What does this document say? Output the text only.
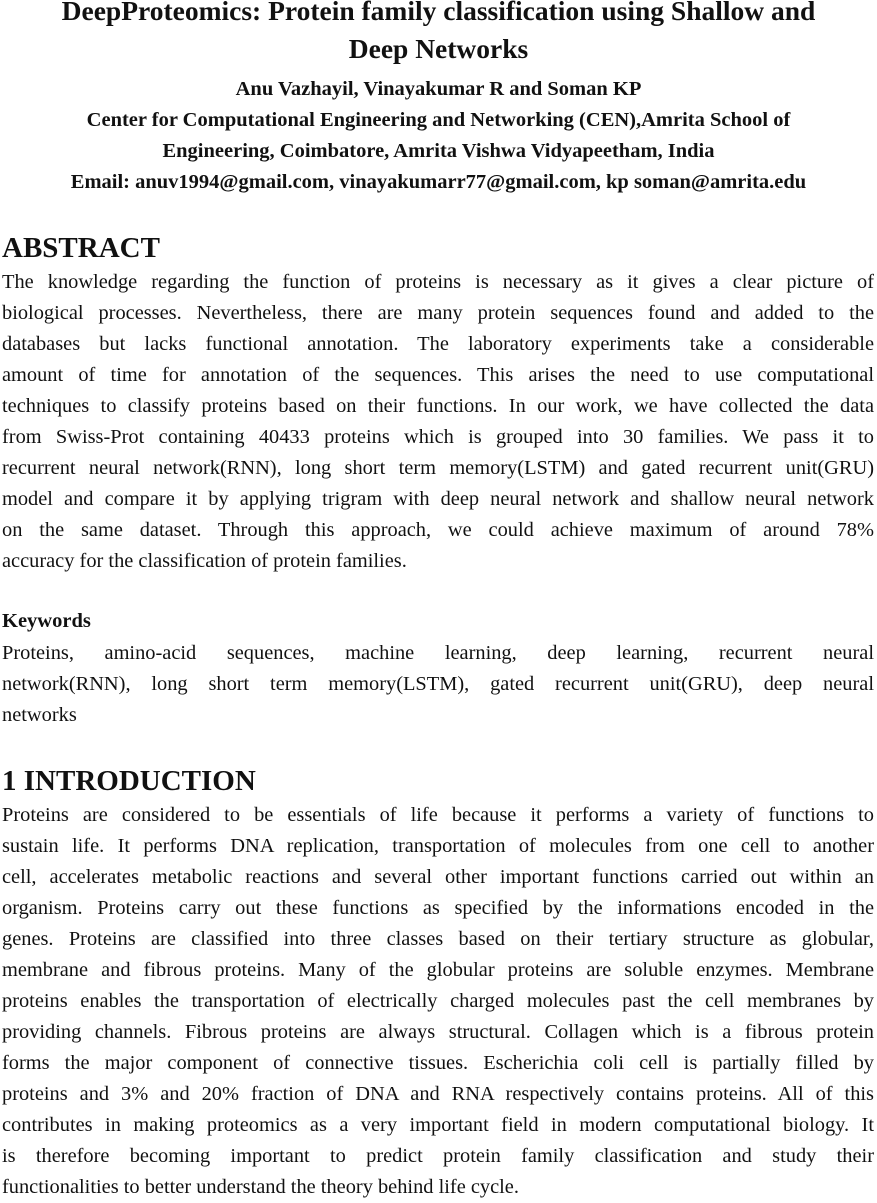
DeepProteomics: Protein family classification using Shallow and
Deep Networks

Anu Vazhayil, Vinayakumar R and Soman KP

Center for Computational Engineering and Networking (CEN),Amrita School of
Engineering, Coimbatore, Amrita Vishwa Vidyapeetham, India

Email: anuv1994@gmail.com, vinayakumarr77@gmail.com, kp soman@amrita.edu

ABSTRACT
The knowledge regarding the function of proteins is necessary as it gives a clear picture of
biological processes. Nevertheless, there are many protein sequences found and added to the
databases but lacks functional annotation. The laboratory experiments take a considerable
amount of time for annotation of the sequences. This arises the need to use computational
techniques to classify proteins based on their functions. In our work, we have collected the data
from Swiss-Prot containing 40433 proteins which is grouped into 30 families. We pass it to
recurrent neural network(RNN), long short term memory(LSTM) and gated recurrent unit(GRU)
model and compare it by applying trigram with deep neural network and shallow neural network
on the same dataset. Through this approach, we could achieve maximum of around 78%
accuracy for the classification of protein families.
Keywords
Proteins, amino-acid sequences, machine learning, deep learning, recurrent neural
network(RNN), long short term memory(LSTM), gated recurrent unit(GRU), deep neural
networks
1 INTRODUCTION
Proteins are considered to be essentials of life because it performs a variety of functions to
sustain life. It performs DNA replication, transportation of molecules from one cell to another
cell, accelerates metabolic reactions and several other important functions carried out within an
organism. Proteins carry out these functions as specified by the informations encoded in the
genes. Proteins are classified into three classes based on their tertiary structure as globular,
membrane and fibrous proteins. Many of the globular proteins are soluble enzymes. Membrane
proteins enables the transportation of electrically charged molecules past the cell membranes by
providing channels. Fibrous proteins are always structural. Collagen which is a fibrous protein
forms the major component of connective tissues. Escherichia coli cell is partially filled by
proteins and 3% and 20% fraction of DNA and RNA respectively contains proteins. All of this
contributes in making proteomics as a very important field in modern computational biology. It
is therefore becoming important to predict protein family classification and study their
functionalities to better understand the theory behind life cycle.
